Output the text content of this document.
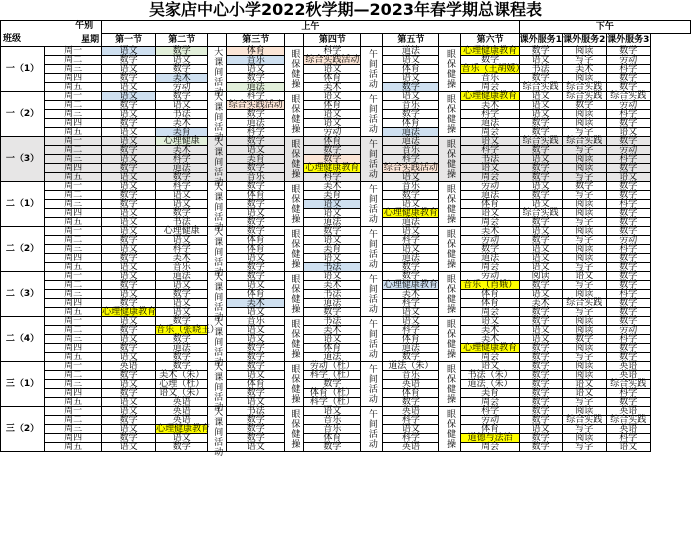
吴家店中心小学2022秋学期—2023年春学期总课程表
午别
星期
班级		上午										下午		
		第一节	第二节		第三节		第四节		第五节		第六节	课外服务1	课外服务2	课外服务3
一（1）	周一	语文	数学	大课间活动	体育	眼保健操	科学	午间活动	道法	眼保健操	心理健康教育	数学	阅读	数学
	周二	数学	语文		音乐		综合实践活动		语文		数学	语文	写字	劳动
	周三	语文	数学		语文		语文		体育		音乐（王胡媛）	书法	美术	科学
	周四	数学	美术		数学		体育		语文		音乐	数学	阅读	数学
	周五	语文	劳动		道法		美术		数学		周会	综合实践	综合实践	数学
一（2）	周一	语文	数学	大课间活动	科学	眼保健操	语文	午间活动	语文	眼保健操	心理健康教育	语文	综合实践	综合实践
	周二	数学	语文		综合实践活动		体育		音乐		美术	语文	数学	劳动
	周三	语文	书法		数学		语文		数学		科学	语文	阅读	科学
	周四	数学	美术		道法		语文		体育		道法	数学	阅读	数学
	周五	语文	美育		科学		劳动		道法		周会	数学	写字	语文
一（3）	周一	语文	心理健康	大课间活动	数学	眼保健操	体育	午间活动	道法	眼保健操	语文	综合实践	综合实践	数学
	周二	数学	美术		语文		数学		音乐		科学	数学	写字	劳动
	周三	语文	科学		美育		数学		科学		书法	语文	阅读	科学
	周四	数学	道法		数学		心理健康教育		综合实践活动		语文	数学	阅读	数学
	周五	语文	数学		音乐		科学		语文		周会	数学	写字	语文
二（1）	周一	语文	科学	大课间活动	数学	眼保健操	美术	午间活动	音乐	眼保健操	劳动	语文	数学	数学
	周二	数学	语文		体育		美育		数学		道法	数学	写字	数学
	周三	数学	语文		数学		语文		语文		体育	语文	阅读	科学
	周四	语文	数学		语文		语文		心理健康教育		语文	综合实践	阅读	数学
	周五	语文	书法		数学		道法		道法		周会	数学	写字	数学
二（2）	周一	语文	心理健康	大课间活动	数学	眼保健操	数学	午间活动	语文	眼保健操	美术	语文	阅读	数学
	周二	数学	语文		体育		语文		科学		劳动	数学	写字	劳动
	周三	语文	科学		体育		美育		语文		数学	语文	阅读	科学
	周四	数学	美术		语文		语文		道法		道法	语文	阅读	数学
	周五	语文	音乐		数学		书法		数学		周会	语文	写字	数学
二（3）	周一	语文	道法	大课间活动	数学	眼保健操	语文	午间活动	数学	眼保健操	劳动	阅读	语文	数学
	周二	数学	语文		语文		美术		心理健康教育		音乐（肖娥）	数学	写字	数学
	周三	语文	数学		体育		书法		美术		体育	语文	阅读	科学
	周四	数学	语文		美术		道法		科学		体育	美术	综合实践	数学
	周五	心理健康教育	语文		语文		数学		语文		周会	数学	写字	数学
二（4）	周一	语文	数学	大课间活动	音乐	眼保健操	书法	午间活动	语文	眼保健操	语文	数学	阅读	数学
	周二	数学	音乐（张晓玉）		语文		美术		科学		美术	语文	阅读	劳动
	周三	语文	数学		语文		语文		体育		美术	语文	数学	科学
	周四	数学	道法		数学		体育		道法		心理健康教育	数学	阅读	数学
	周五	语文	数学		数学		道法		数学		周会	数学	写字	数学
三（1）	周一	英语	数学	大课间活动	数学	眼保健操	劳动（杜）	午间活动	道法（朱）	眼保健操	语文	数学	阅读	英语
	周二	数学	美术（朱）		语文		科学（杜）		音乐		书法（朱）	数学	阅读	英语
	周三	语文	心理（杜）		体育		数学		英语		道法（朱）	数学	语文	综合实践
	周四	数学	语文（朱）		数学		体育（杜）		体育		美育	数学	语文	科学
	周五	语文	英语		语文		科学（杜）		数学		周会	数学	写字	数学
三（2）	周一	语文	英语	大课间活动	书法	眼保健操	语文	午间活动	英语	眼保健操	科学	数学	阅读	英语
	周二	数学	英语		数学		音乐		科学		劳动	数学	综合实践	综合实践
	周三	语文	心理健康教育		数学		音乐		语文		体育	语文	写字	英语
	周四	数学	语文		数学		体育		科学		道德与法治	数学	阅读	科学
	周五	语文	数学		语文		数学		英语		周会	数学	写字	语文
